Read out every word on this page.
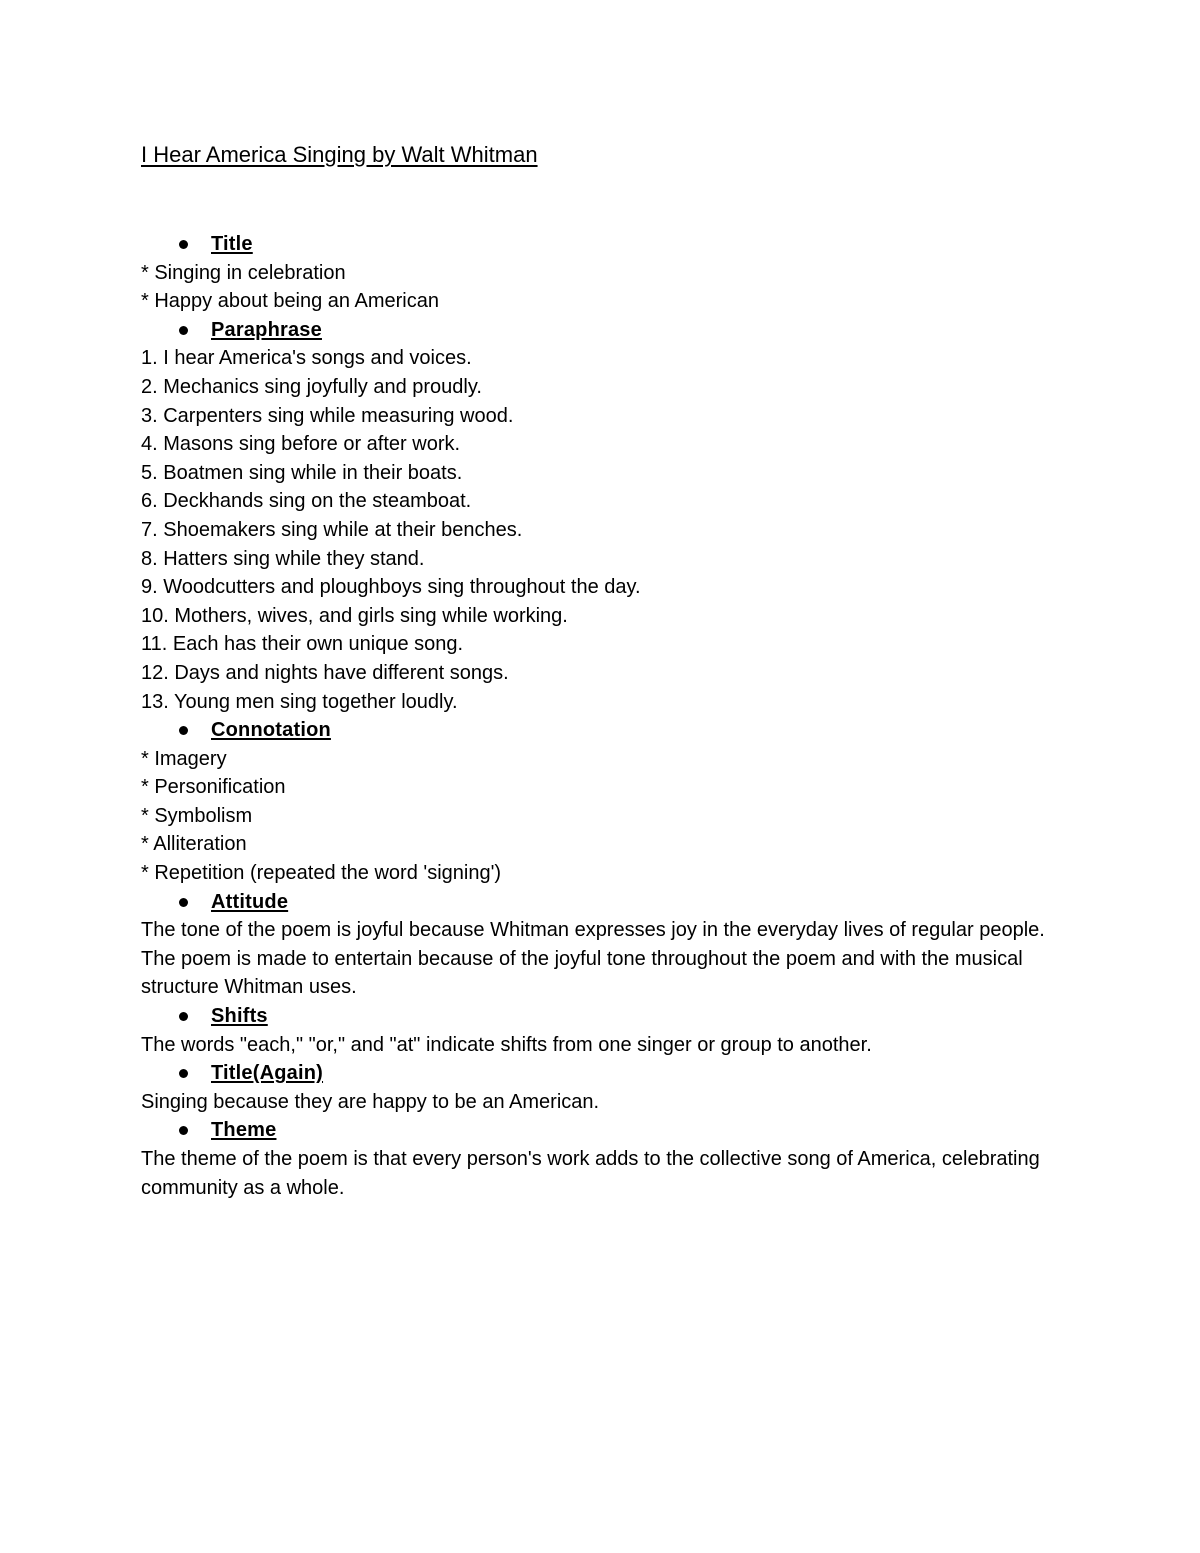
I Hear America Singing by Walt Whitman
Title
* Singing in celebration
* Happy about being an American
Paraphrase
1. I hear America's songs and voices.
2. Mechanics sing joyfully and proudly.
3. Carpenters sing while measuring wood.
4. Masons sing before or after work.
5. Boatmen sing while in their boats.
6. Deckhands sing on the steamboat.
7. Shoemakers sing while at their benches.
8. Hatters sing while they stand.
9. Woodcutters and ploughboys sing throughout the day.
10. Mothers, wives, and girls sing while working.
11. Each has their own unique song.
12. Days and nights have different songs.
13. Young men sing together loudly.
Connotation
* Imagery
* Personification
* Symbolism
* Alliteration
* Repetition (repeated the word 'signing')
Attitude
The tone of the poem is joyful because Whitman expresses joy in the everyday lives of regular people. The poem is made to entertain because of the joyful tone throughout the poem and with the musical structure Whitman uses.
Shifts
The words "each," "or," and "at" indicate shifts from one singer or group to another.
Title(Again)
Singing because they are happy to be an American.
Theme
The theme of the poem is that every person's work adds to the collective song of America, celebrating community as a whole.
